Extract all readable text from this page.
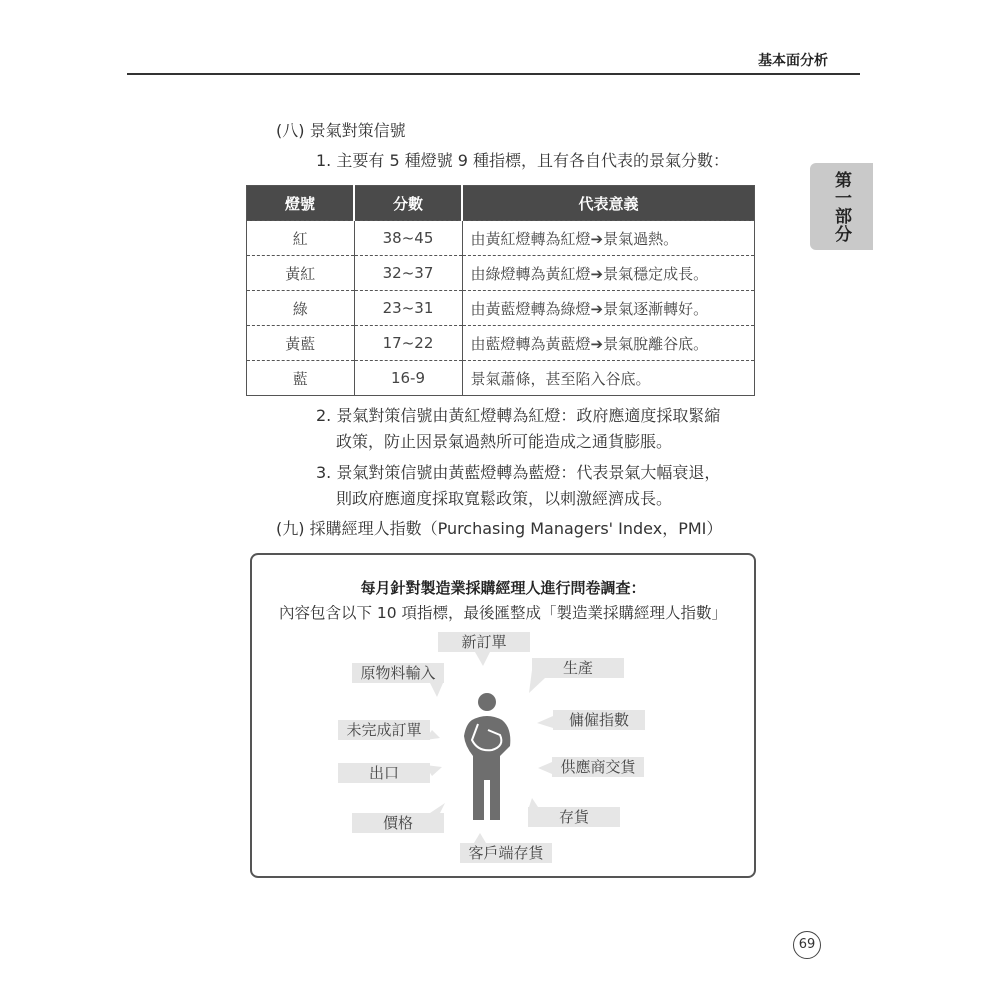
基本面分析
第一部分
(八) 景氣對策信號
1. 主要有 5 種燈號 9 種指標，且有各自代表的景氣分數：
燈號	分數	代表意義
紅	38~45	由黃紅燈轉為紅燈➔景氣過熱。
黃紅	32~37	由綠燈轉為黃紅燈➔景氣穩定成長。
綠	23~31	由黃藍燈轉為綠燈➔景氣逐漸轉好。
黃藍	17~22	由藍燈轉為黃藍燈➔景氣脫離谷底。
藍	16-9	景氣蕭條，甚至陷入谷底。
2. 景氣對策信號由黃紅燈轉為紅燈：政府應適度採取緊縮
政策，防止因景氣過熱所可能造成之通貨膨脹。
3. 景氣對策信號由黃藍燈轉為藍燈：代表景氣大幅衰退，
則政府應適度採取寬鬆政策，以刺激經濟成長。
(九) 採購經理人指數（Purchasing Managers' Index，PMI）
每月針對製造業採購經理人進行問卷調查：
內容包含以下 10 項指標，最後匯整成「製造業採購經理人指數」
新訂單
原物料輸入	生產
未完成訂單
傭僱指數
出口	供應商交貨
價格	存貨
客戶端存貨
69
